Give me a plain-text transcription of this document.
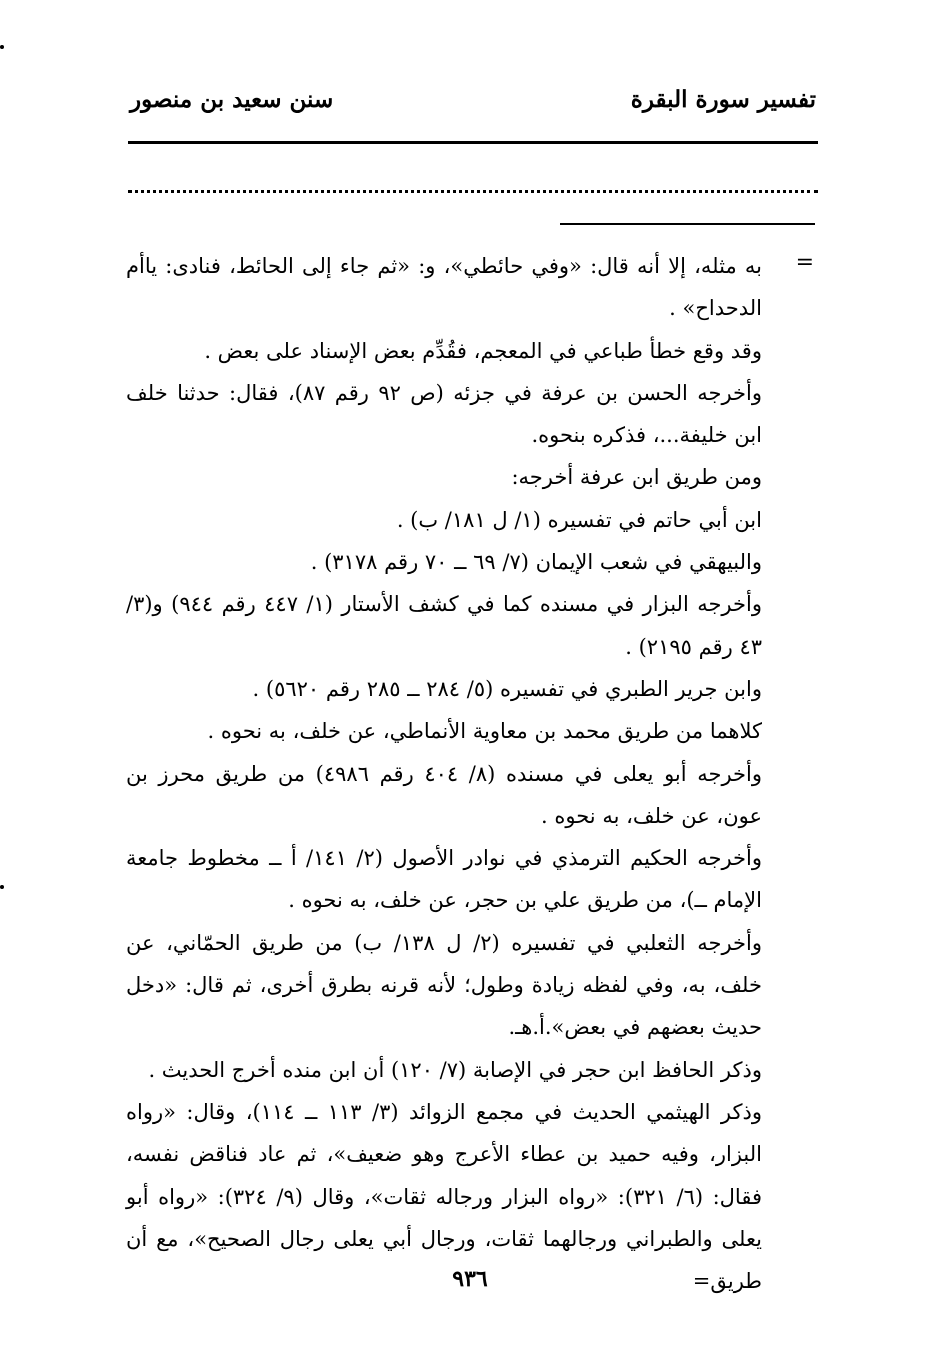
تفسير سورة البقرة
سنن سعيد بن منصور
=

به مثله، إلا أنه قال: «وفي حائطي»، و: «ثم جاء إلى الحائط، فنادى: ياأم الدحداح» .

وقد وقع خطأ طباعي في المعجم، فقُدِّم بعض الإسناد على بعض .

وأخرجه الحسن بن عرفة في جزئه (ص ٩٢ رقم ٨٧)، فقال: حدثنا خلف ابن خليفة...، فذكره بنحوه.

ومن طريق ابن عرفة أخرجه:

ابن أبي حاتم في تفسيره (١/ ل ١٨١/ ب) .

والبيهقي في شعب الإيمان (٧/ ٦٩ ــ ٧٠ رقم ٣١٧٨) .

وأخرجه البزار في مسنده كما في كشف الأستار (١/ ٤٤٧ رقم ٩٤٤) و(٣/ ٤٣ رقم ٢١٩٥) .

وابن جرير الطبري في تفسيره (٥/ ٢٨٤ ــ ٢٨٥ رقم ٥٦٢٠) .

كلاهما من طريق محمد بن معاوية الأنماطي، عن خلف، به نحوه .

وأخرجه أبو يعلى في مسنده (٨/ ٤٠٤ رقم ٤٩٨٦) من طريق محرز بن عون، عن خلف، به نحوه .

وأخرجه الحكيم الترمذي في نوادر الأصول (٢/ ١٤١/ أ ــ مخطوط جامعة الإمام ــ)، من طريق علي بن حجر، عن خلف، به نحوه .

وأخرجه الثعلبي في تفسيره (٢/ ل ١٣٨/ ب) من طريق الحمّاني، عن خلف، به، وفي لفظه زيادة وطول؛ لأنه قرنه بطرق أخرى، ثم قال: «دخل حديث بعضهم في بعض».أ.هـ.

وذكر الحافظ ابن حجر في الإصابة (٧/ ١٢٠) أن ابن منده أخرج الحديث .

وذكر الهيثمي الحديث في مجمع الزوائد (٣/ ١١٣ ــ ١١٤)، وقال: «رواه البزار، وفيه حميد بن عطاء الأعرج وهو ضعيف»، ثم عاد فناقض نفسه، فقال: (٦/ ٣٢١): «رواه البزار ورجاله ثقات»، وقال (٩/ ٣٢٤): «رواه أبو يعلى والطبراني ورجالهما ثقات، ورجال أبي يعلى رجال الصحيح»، مع أن طريق=

٩٣٦
